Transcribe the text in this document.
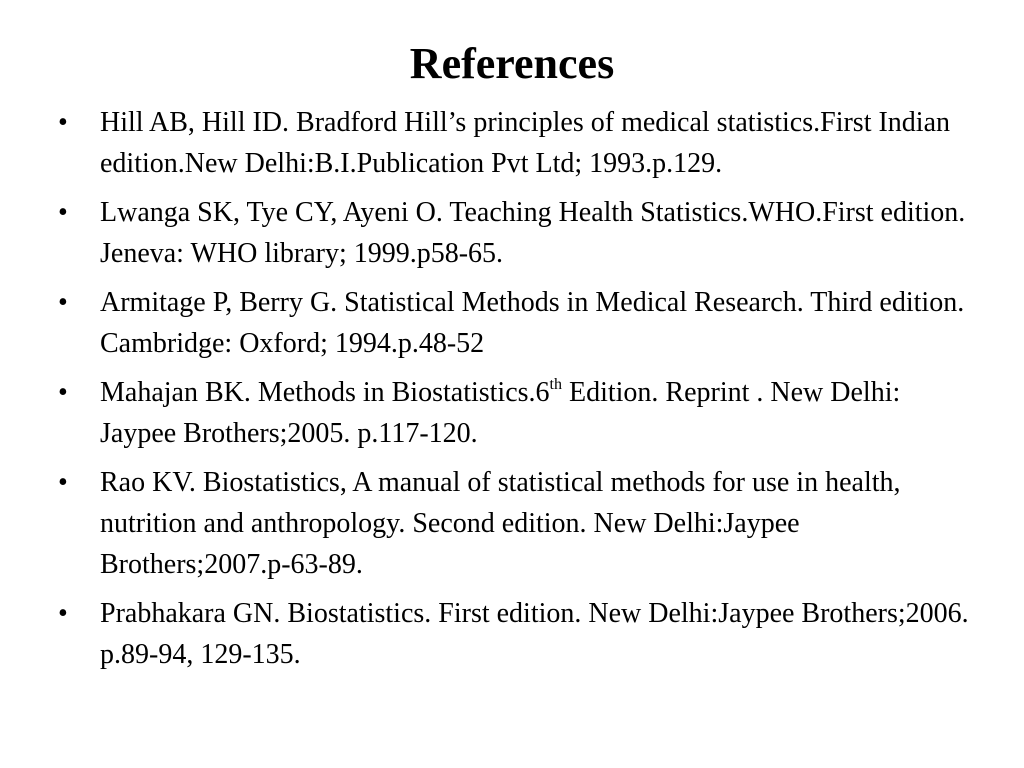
References
•	Hill AB, Hill ID. Bradford Hill’s principles of medical statistics.First Indian edition.New Delhi:B.I.Publication Pvt Ltd; 1993.p.129.
•	Lwanga SK, Tye CY, Ayeni O. Teaching Health Statistics.WHO.First edition. Jeneva: WHO library; 1999.p58-65.
•	Armitage P, Berry G. Statistical Methods in Medical Research. Third edition. Cambridge: Oxford; 1994.p.48-52
•	Mahajan BK. Methods in Biostatistics.6th Edition. Reprint . New Delhi: Jaypee Brothers;2005. p.117-120.
•	Rao KV. Biostatistics, A manual of statistical methods for use in health, nutrition and anthropology. Second edition. New Delhi:Jaypee Brothers;2007.p-63-89.
•	Prabhakara GN. Biostatistics. First edition. New Delhi:Jaypee Brothers;2006. p.89-94, 129-135.
